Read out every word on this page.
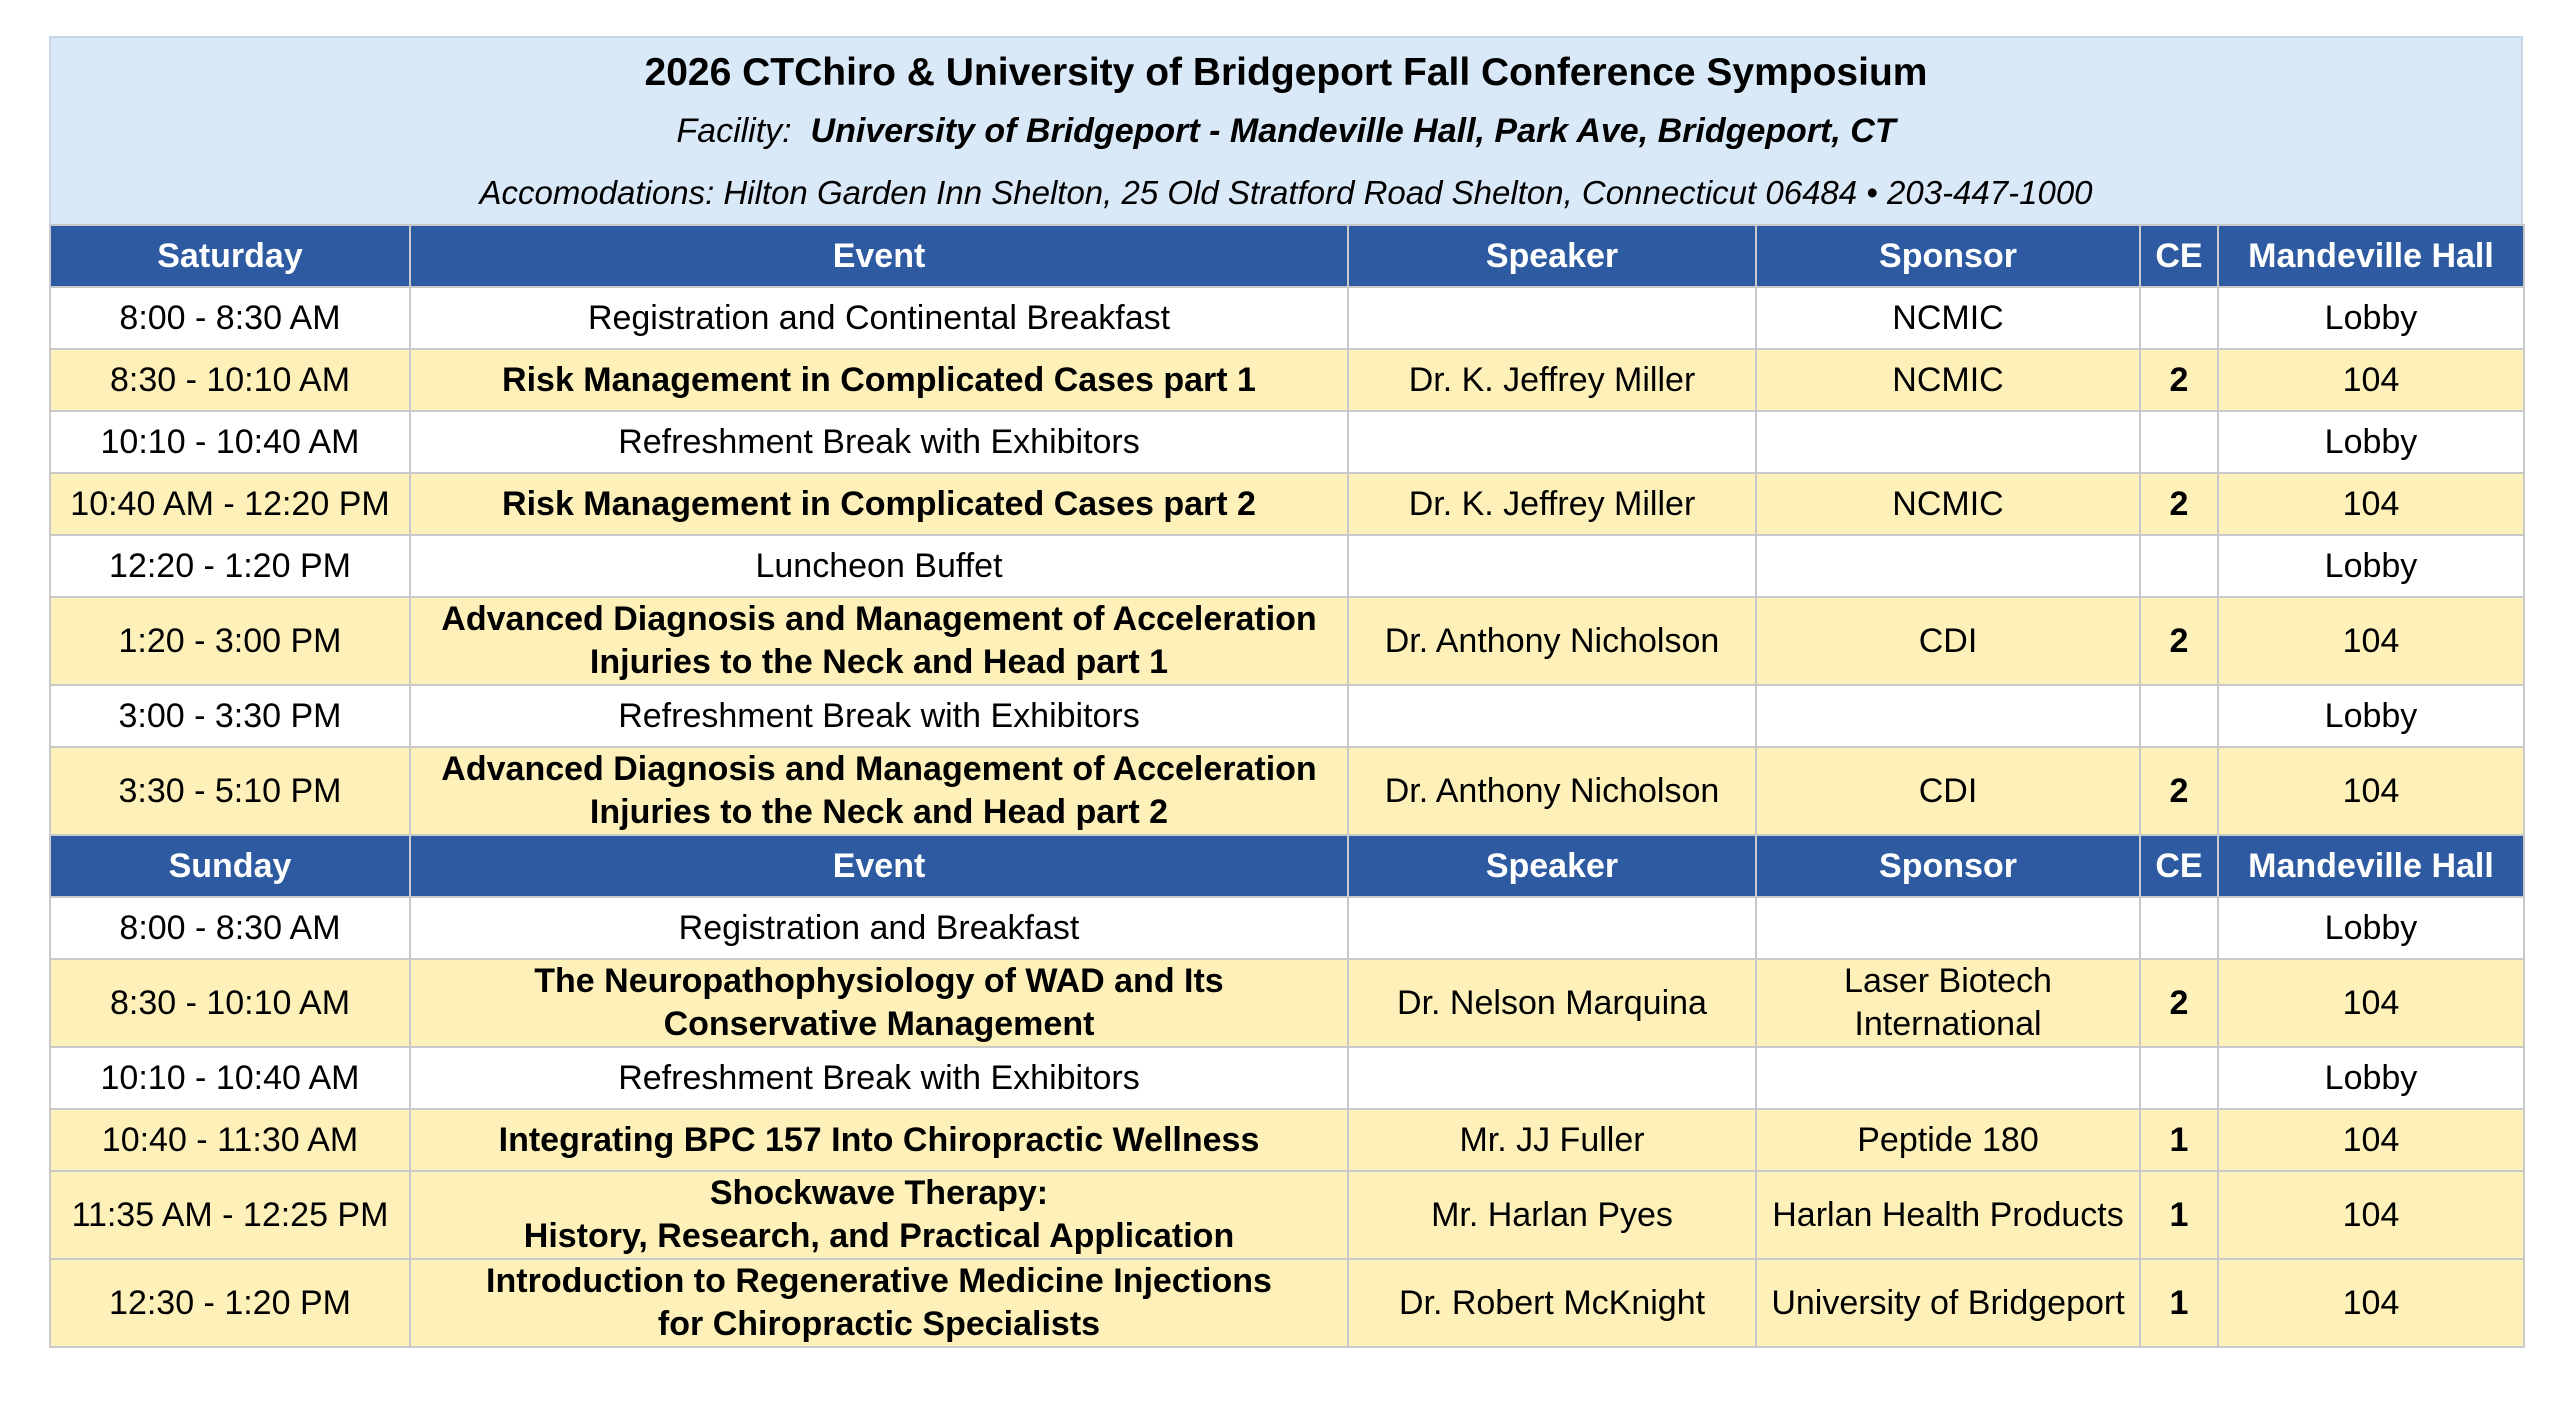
2026 CTChiro & University of Bridgeport Fall Conference Symposium
Facility: University of Bridgeport - Mandeville Hall, Park Ave, Bridgeport, CT
Accomodations: Hilton Garden Inn Shelton, 25 Old Stratford Road Shelton, Connecticut 06484 • 203-447-1000
Saturday	Event	Speaker	Sponsor	CE	Mandeville Hall
8:00 - 8:30 AM	Registration and Continental Breakfast		NCMIC		Lobby
8:30 - 10:10 AM	Risk Management in Complicated Cases part 1	Dr. K. Jeffrey Miller	NCMIC	2	104
10:10 - 10:40 AM	Refreshment Break with Exhibitors				Lobby
10:40 AM - 12:20 PM	Risk Management in Complicated Cases part 2	Dr. K. Jeffrey Miller	NCMIC	2	104
12:20 - 1:20 PM	Luncheon Buffet				Lobby
1:20 - 3:00 PM	Advanced Diagnosis and Management of Acceleration
Injuries to the Neck and Head part 1	Dr. Anthony Nicholson	CDI	2	104
3:00 - 3:30 PM	Refreshment Break with Exhibitors				Lobby
3:30 - 5:10 PM	Advanced Diagnosis and Management of Acceleration
Injuries to the Neck and Head part 2	Dr. Anthony Nicholson	CDI	2	104
Sunday	Event	Speaker	Sponsor	CE	Mandeville Hall
8:00 - 8:30 AM	Registration and Breakfast				Lobby
8:30 - 10:10 AM	The Neuropathophysiology of WAD and Its
Conservative Management	Dr. Nelson Marquina	Laser Biotech
International	2	104
10:10 - 10:40 AM	Refreshment Break with Exhibitors				Lobby
10:40 - 11:30 AM	Integrating BPC 157 Into Chiropractic Wellness	Mr. JJ Fuller	Peptide 180	1	104
11:35 AM - 12:25 PM	Shockwave Therapy:
History, Research, and Practical Application	Mr. Harlan Pyes	Harlan Health Products	1	104
12:30 - 1:20 PM	Introduction to Regenerative Medicine Injections
for Chiropractic Specialists	Dr. Robert McKnight	University of Bridgeport	1	104
